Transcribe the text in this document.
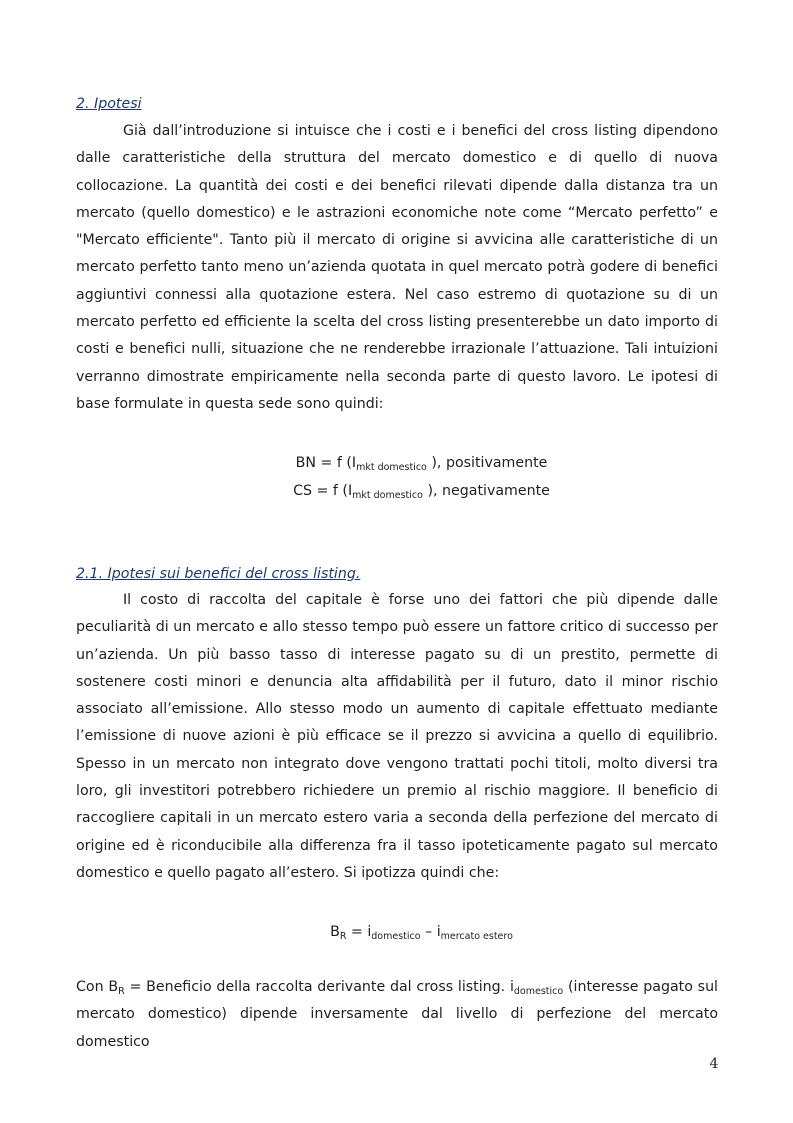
2. Ipotesi

Già dall’introduzione si intuisce che i costi e i benefici del cross listing dipendono dalle caratteristiche della struttura del mercato domestico e di quello di nuova collocazione. La quantità dei costi e dei benefici rilevati dipende dalla distanza tra un mercato (quello domestico) e le astrazioni economiche note come “Mercato perfetto” e "Mercato efficiente". Tanto più il mercato di origine si avvicina alle caratteristiche di un mercato perfetto tanto meno un’azienda quotata in quel mercato potrà godere di benefici aggiuntivi connessi alla quotazione estera. Nel caso estremo di quotazione su di un mercato perfetto ed efficiente la scelta del cross listing presenterebbe un dato importo di costi e benefici nulli, situazione che ne renderebbe irrazionale l’attuazione. Tali intuizioni verranno dimostrate empiricamente nella seconda parte di questo lavoro. Le ipotesi di base formulate in questa sede sono quindi:

BN = f ($I_{mkt domestico}$ ), positivamente
CS = f ($I_{mkt domestico}$ ), negativamente
2.1. Ipotesi sui benefici del cross listing.

Il costo di raccolta del capitale è forse uno dei fattori che più dipende dalle peculiarità di un mercato e allo stesso tempo può essere un fattore critico di successo per un’azienda. Un più basso tasso di interesse pagato su di un prestito, permette di sostenere costi minori e denuncia alta affidabilità per il futuro, dato il minor rischio associato all’emissione. Allo stesso modo un aumento di capitale effettuato mediante l’emissione di nuove azioni è più efficace se il prezzo si avvicina a quello di equilibrio. Spesso in un mercato non integrato dove vengono trattati pochi titoli, molto diversi tra loro, gli investitori potrebbero richiedere un premio al rischio maggiore. Il beneficio di raccogliere capitali in un mercato estero varia a seconda della perfezione del mercato di origine ed è riconducibile alla differenza fra il tasso ipoteticamente pagato sul mercato domestico e quello pagato all’estero. Si ipotizza quindi che:

$B_R = i_{domestico} - i_{mercato estero}$

Con $B_R$ = Beneficio della raccolta derivante dal cross listing. $i_{domestico}$ (interesse pagato sul mercato domestico) dipende inversamente dal livello di perfezione del mercato domestico

4
